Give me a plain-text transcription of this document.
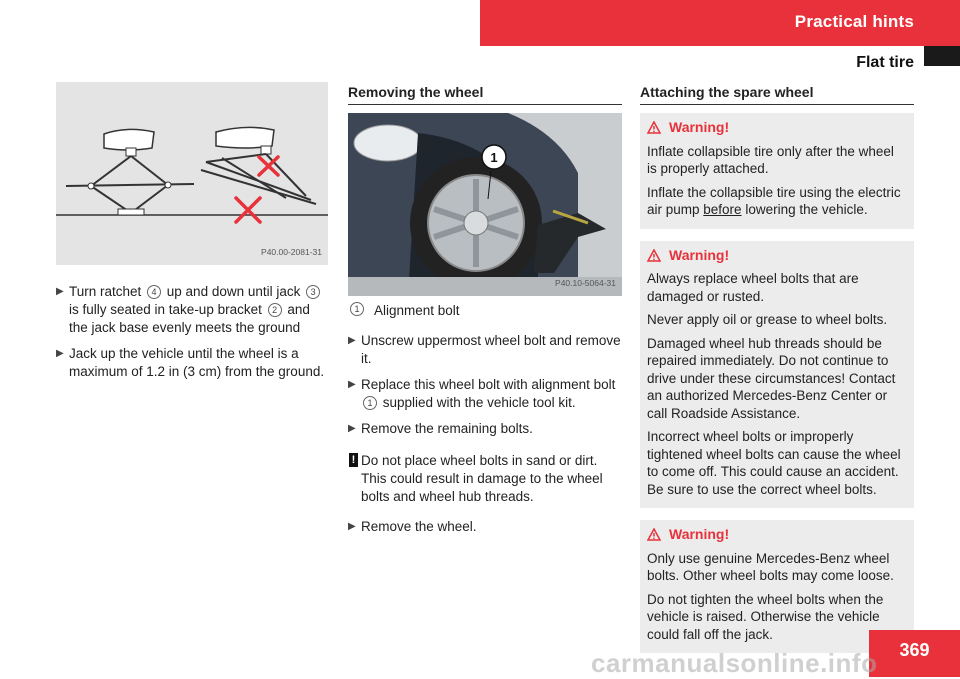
Practical hints
Flat tire
P40.00-2081-31
▶ Turn ratchet 4 up and down until jack 3 is fully seated in take-up bracket 2 and the jack base evenly meets the ground
▶ Jack up the vehicle until the wheel is a maximum of 1.2 in (3 cm) from the ground.
Removing the wheel
1
P40.10-5064-31
1	Alignment bolt
▶ Unscrew uppermost wheel bolt and remove it.
▶ Replace this wheel bolt with alignment bolt 1 supplied with the vehicle tool kit.
▶ Remove the remaining bolts.
! Do not place wheel bolts in sand or dirt. This could result in damage to the wheel bolts and wheel hub threads.
▶ Remove the wheel.
Attaching the spare wheel
Warning!

Inflate collapsible tire only after the wheel is properly attached.

Inflate the collapsible tire using the electric air pump before lowering the vehicle.

Warning!

Always replace wheel bolts that are damaged or rusted.

Never apply oil or grease to wheel bolts.

Damaged wheel hub threads should be repaired immediately. Do not continue to drive under these circumstances! Contact an authorized Mercedes-Benz Center or call Roadside Assistance.

Incorrect wheel bolts or improperly tightened wheel bolts can cause the wheel to come off. This could cause an accident. Be sure to use the correct wheel bolts.

Warning!

Only use genuine Mercedes-Benz wheel bolts. Other wheel bolts may come loose.

Do not tighten the wheel bolts when the vehicle is raised. Otherwise the vehicle could fall off the jack.

369
carmanualsonline.info
